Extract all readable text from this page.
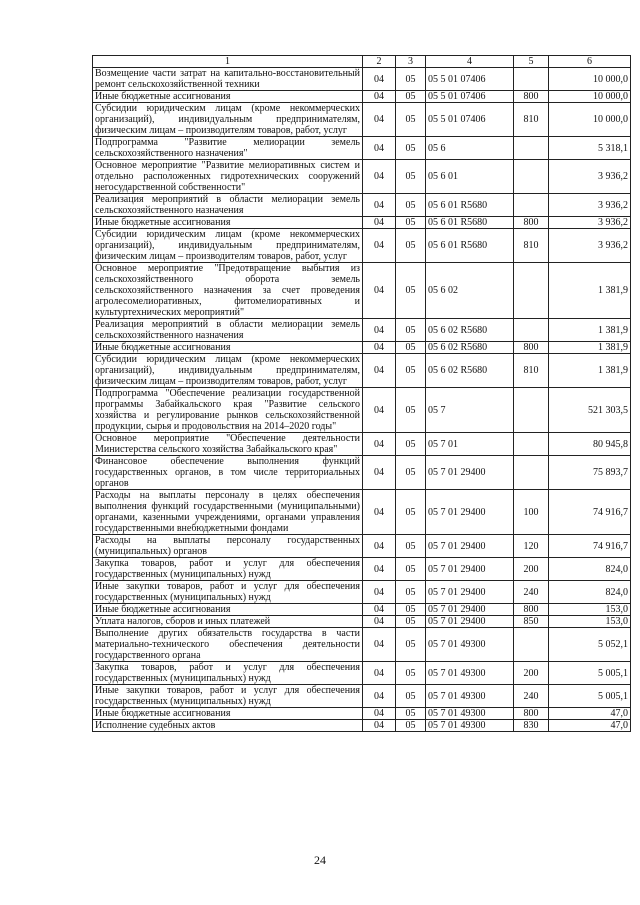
1	2	3	4	5	6
Возмещение части затрат на капитально-восстановительный ремонт сельскохозяйственной техники	04	05	05 5 01 07406		10 000,0
Иные бюджетные ассигнования	04	05	05 5 01 07406	800	10 000,0
Субсидии юридическим лицам (кроме некоммерческих организаций), индивидуальным предпринимателям, физическим лицам – производителям товаров, работ, услуг	04	05	05 5 01 07406	810	10 000,0
Подпрограмма "Развитие мелиорации земель сельскохозяйственного назначения"	04	05	05 6		5 318,1
Основное мероприятие "Развитие мелиоративных систем и отдельно расположенных гидротехнических сооружений негосударственной собственности"	04	05	05 6 01		3 936,2
Реализация мероприятий в области мелиорации земель сельскохозяйственного назначения	04	05	05 6 01 R5680		3 936,2
Иные бюджетные ассигнования	04	05	05 6 01 R5680	800	3 936,2
Субсидии юридическим лицам (кроме некоммерческих организаций), индивидуальным предпринимателям, физическим лицам – производителям товаров, работ, услуг	04	05	05 6 01 R5680	810	3 936,2
Основное мероприятие "Предотвращение выбытия из сельскохозяйственного оборота земель сельскохозяйственного назначения за счет проведения агролесомелиоративных, фитомелиоративных и культуртехнических мероприятий"	04	05	05 6 02		1 381,9
Реализация мероприятий в области мелиорации земель сельскохозяйственного назначения	04	05	05 6 02 R5680		1 381,9
Иные бюджетные ассигнования	04	05	05 6 02 R5680	800	1 381,9
Субсидии юридическим лицам (кроме некоммерческих организаций), индивидуальным предпринимателям, физическим лицам – производителям товаров, работ, услуг	04	05	05 6 02 R5680	810	1 381,9
Подпрограмма "Обеспечение реализации государственной программы Забайкальского края "Развитие сельского хозяйства и регулирование рынков сельскохозяйственной продукции, сырья и продовольствия на 2014–2020 годы"	04	05	05 7		521 303,5
Основное мероприятие "Обеспечение деятельности Министерства сельского хозяйства Забайкальского края"	04	05	05 7 01		80 945,8
Финансовое обеспечение выполнения функций государственных органов, в том числе территориальных органов	04	05	05 7 01 29400		75 893,7
Расходы на выплаты персоналу в целях обеспечения выполнения функций государственными (муниципальными) органами, казенными учреждениями, органами управления государственными внебюджетными фондами	04	05	05 7 01 29400	100	74 916,7
Расходы на выплаты персоналу государственных (муниципальных) органов	04	05	05 7 01 29400	120	74 916,7
Закупка товаров, работ и услуг для обеспечения государственных (муниципальных) нужд	04	05	05 7 01 29400	200	824,0
Иные закупки товаров, работ и услуг для обеспечения государственных (муниципальных) нужд	04	05	05 7 01 29400	240	824,0
Иные бюджетные ассигнования	04	05	05 7 01 29400	800	153,0
Уплата налогов, сборов и иных платежей	04	05	05 7 01 29400	850	153,0
Выполнение других обязательств государства в части материально-технического обеспечения деятельности государственного органа	04	05	05 7 01 49300		5 052,1
Закупка товаров, работ и услуг для обеспечения государственных (муниципальных) нужд	04	05	05 7 01 49300	200	5 005,1
Иные закупки товаров, работ и услуг для обеспечения государственных (муниципальных) нужд	04	05	05 7 01 49300	240	5 005,1
Иные бюджетные ассигнования	04	05	05 7 01 49300	800	47,0
Исполнение судебных актов	04	05	05 7 01 49300	830	47,0
24
